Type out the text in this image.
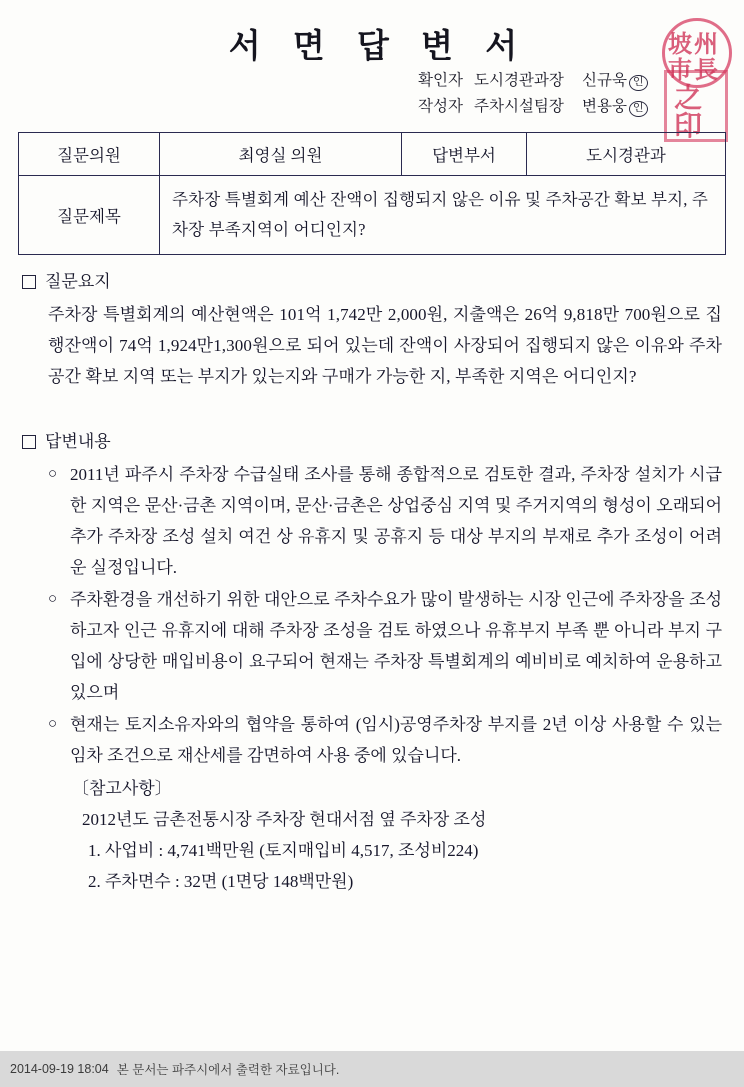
서 면 답 변 서
확인자 도시경관과장	신규욱 인
작성자 주차시설팀장	변용웅 인
坡 州
市 長
之
印
질문의원	최영실 의원	답변부서	도시경관과
질문제목	주차장 특별회계 예산 잔액이 집행되지 않은 이유 및 주차공간 확보 부지, 주차장 부족지역이 어디인지?		
질문요지
주차장 특별회계의 예산현액은 101억 1,742만 2,000원, 지출액은 26억 9,818만 700원으로 집행잔액이 74억 1,924만1,300원으로 되어 있는데 잔액이 사장되어 집행되지 않은 이유와 주차공간 확보 지역 또는 부지가 있는지와 구매가 가능한 지, 부족한 지역은 어디인지?
답변내용
○ 2011년 파주시 주차장 수급실태 조사를 통해 종합적으로 검토한 결과, 주차장 설치가 시급한 지역은 문산·금촌 지역이며, 문산·금촌은 상업중심 지역 및 주거지역의 형성이 오래되어 추가 주차장 조성 설치 여건 상 유휴지 및 공휴지 등 대상 부지의 부재로 추가 조성이 어려운 실정입니다.
○ 주차환경을 개선하기 위한 대안으로 주차수요가 많이 발생하는 시장 인근에 주차장을 조성하고자 인근 유휴지에 대해 주차장 조성을 검토 하였으나 유휴부지 부족 뿐 아니라 부지 구입에 상당한 매입비용이 요구되어 현재는 주차장 특별회계의 예비비로 예치하여 운용하고 있으며
○ 현재는 토지소유자와의 협약을 통하여 (임시)공영주차장 부지를 2년 이상 사용할 수 있는 임차 조건으로 재산세를 감면하여 사용 중에 있습니다.
〔참고사항〕
2012년도 금촌전통시장 주차장 현대서점 옆 주차장 조성
1. 사업비 : 4,741백만원 (토지매입비 4,517, 조성비224)
2. 주차면수 : 32면 (1면당 148백만원)
2014-09-19 18:04 본 문서는 파주시에서 출력한 자료입니다.
